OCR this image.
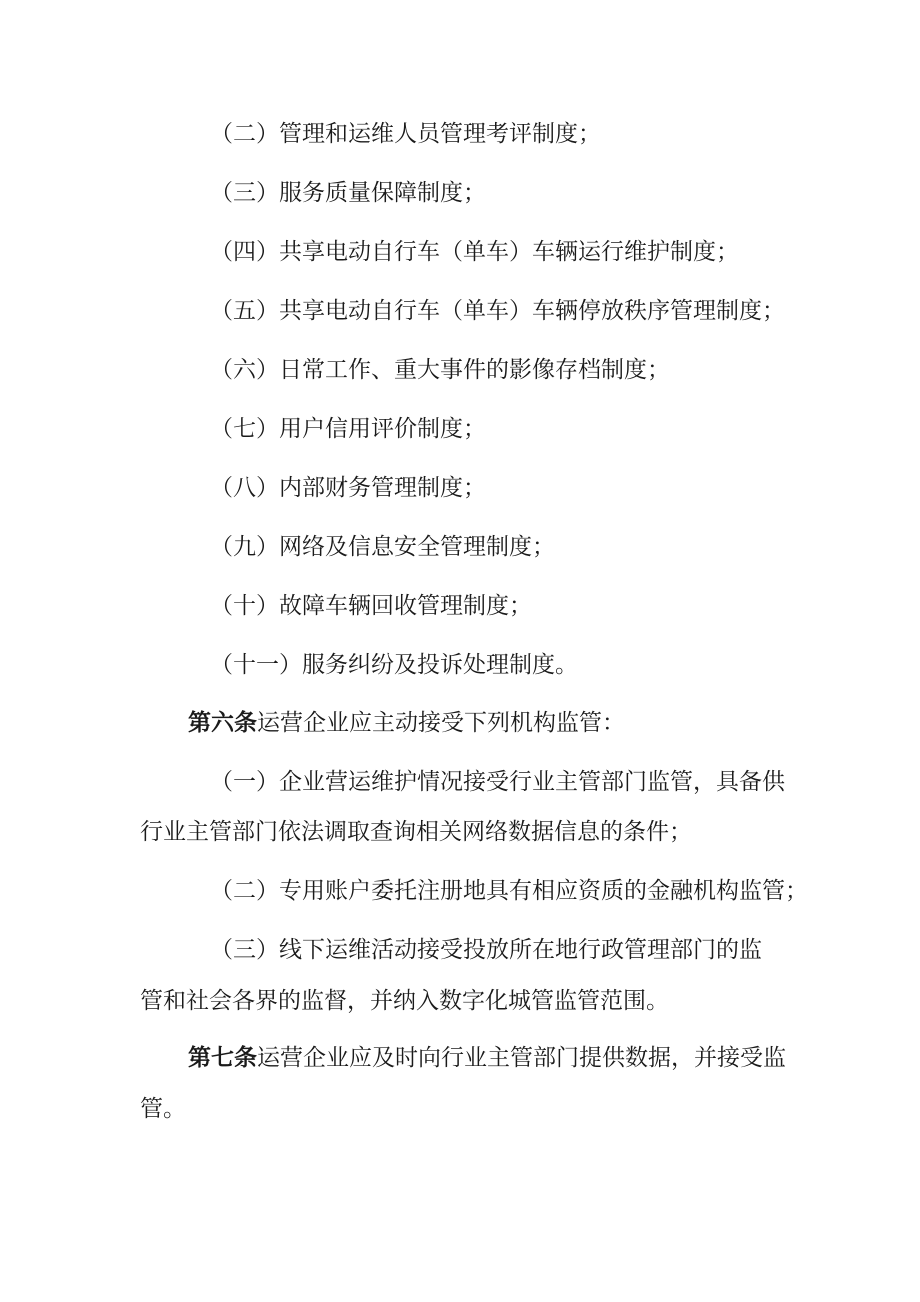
（二）管理和运维人员管理考评制度；
（三）服务质量保障制度；
（四）共享电动自行车（单车）车辆运行维护制度；
（五）共享电动自行车（单车）车辆停放秩序管理制度；
（六）日常工作、重大事件的影像存档制度；
（七）用户信用评价制度；
（八）内部财务管理制度；
（九）网络及信息安全管理制度；
（十）故障车辆回收管理制度；
（十一）服务纠纷及投诉处理制度。
第六条运营企业应主动接受下列机构监管：
（一）企业营运维护情况接受行业主管部门监管，具备供
行业主管部门依法调取查询相关网络数据信息的条件；
（二）专用账户委托注册地具有相应资质的金融机构监管；
（三）线下运维活动接受投放所在地行政管理部门的监
管和社会各界的监督，并纳入数字化城管监管范围。
第七条运营企业应及时向行业主管部门提供数据，并接受监
管。
